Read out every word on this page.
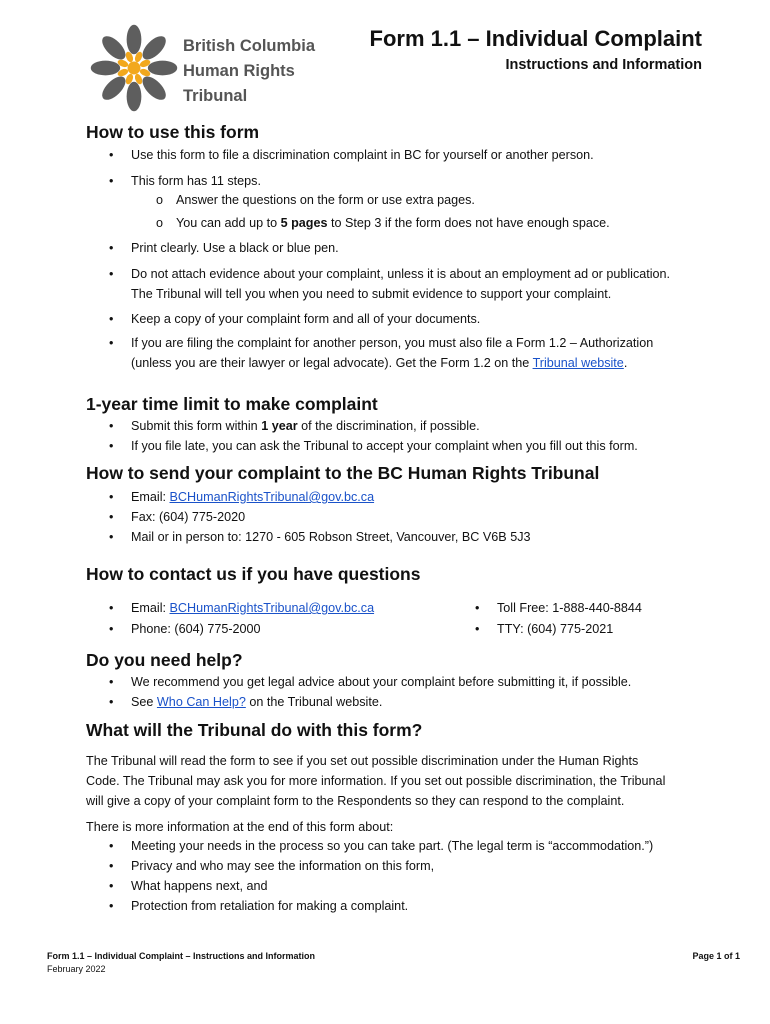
British Columbia
Human Rights
Tribunal
Form 1.1 – Individual Complaint
Instructions and Information
How to use this form
• Use this form to file a discrimination complaint in BC for yourself or another person.
• This form has 11 steps.
o Answer the questions on the form or use extra pages.
o You can add up to 5 pages to Step 3 if the form does not have enough space.
• Print clearly. Use a black or blue pen.
• Do not attach evidence about your complaint, unless it is about an employment ad or publication.
The Tribunal will tell you when you need to submit evidence to support your complaint.
• Keep a copy of your complaint form and all of your documents.
• If you are filing the complaint for another person, you must also file a Form 1.2 – Authorization
(unless you are their lawyer or legal advocate). Get the Form 1.2 on the Tribunal website.
1-year time limit to make complaint
• Submit this form within 1 year of the discrimination, if possible.
• If you file late, you can ask the Tribunal to accept your complaint when you fill out this form.
How to send your complaint to the BC Human Rights Tribunal
• Email: BCHumanRightsTribunal@gov.bc.ca
• Fax: (604) 775-2020
• Mail or in person to: 1270 - 605 Robson Street, Vancouver, BC V6B 5J3
How to contact us if you have questions
• Email: BCHumanRightsTribunal@gov.bc.ca
• Phone: (604) 775-2000
• Toll Free: 1-888-440-8844
• TTY: (604) 775-2021
Do you need help?
• We recommend you get legal advice about your complaint before submitting it, if possible.
• See Who Can Help? on the Tribunal website.
What will the Tribunal do with this form?
The Tribunal will read the form to see if you set out possible discrimination under the Human Rights
Code. The Tribunal may ask you for more information. If you set out possible discrimination, the Tribunal
will give a copy of your complaint form to the Respondents so they can respond to the complaint.
There is more information at the end of this form about:
• Meeting your needs in the process so you can take part. (The legal term is “accommodation.”)
• Privacy and who may see the information on this form,
• What happens next, and
• Protection from retaliation for making a complaint.
Form 1.1 – Individual Complaint – Instructions and Information
February 2022
Page 1 of 1
